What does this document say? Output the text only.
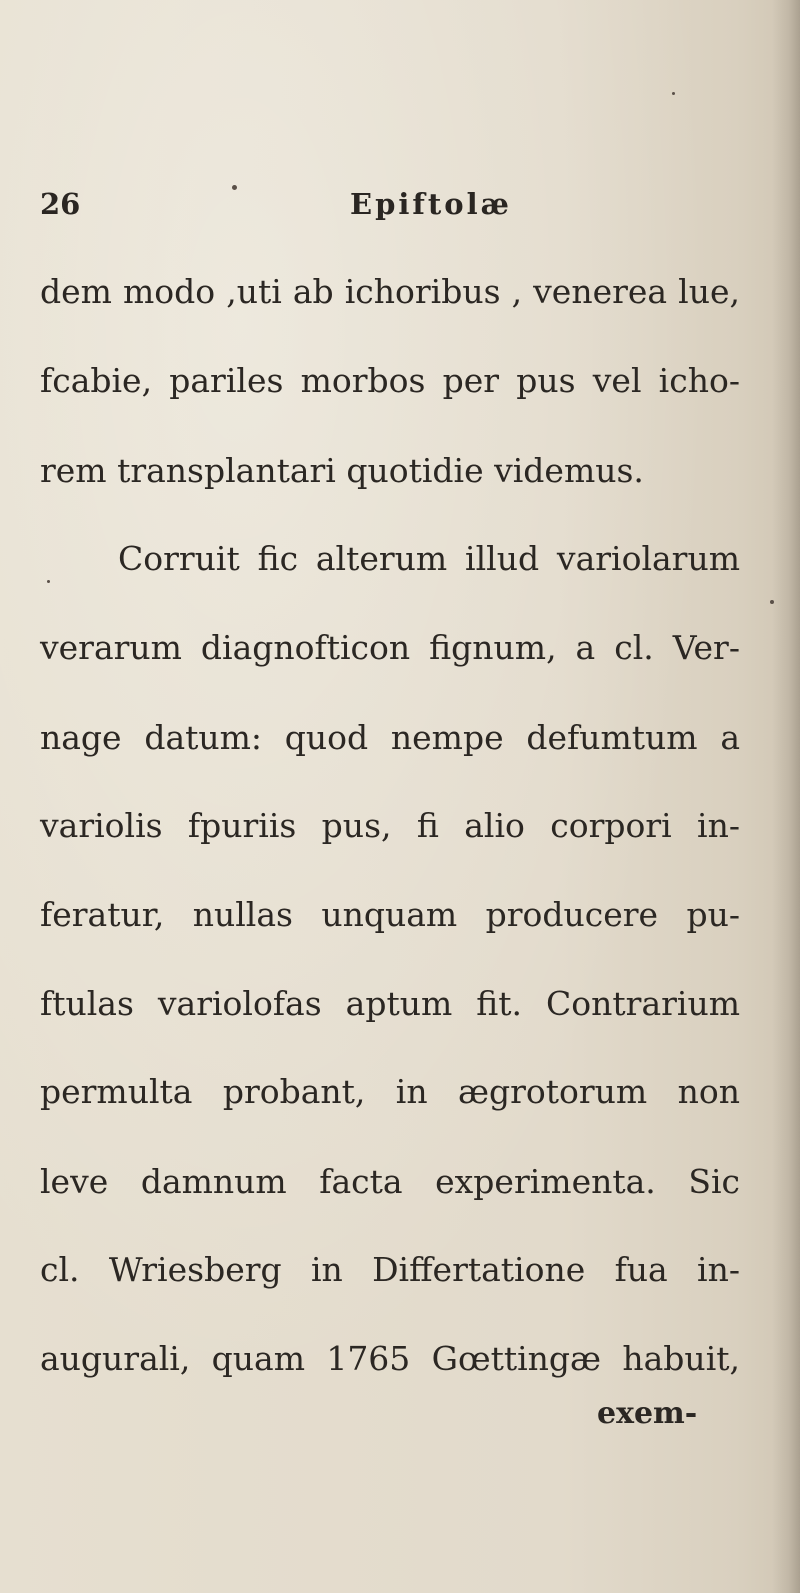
26	Epiftolæ
dem modo ,uti ab ichoribus , venerea lue,
fcabie, pariles morbos per pus vel icho-
rem transplantari quotidie videmus.
Corruit fic alterum illud variolarum
verarum diagnofticon fignum, a cl. Ver-
nage datum: quod nempe defumtum a
variolis fpuriis pus, fi alio corpori in-
feratur, nullas unquam producere pu-
ftulas variolofas aptum fit. Contrarium
permulta probant, in ægrotorum non
leve damnum facta experimenta. Sic
cl. Wriesberg in Differtatione fua in-
augurali, quam 1765 Gœttingæ habuit,
exem-
